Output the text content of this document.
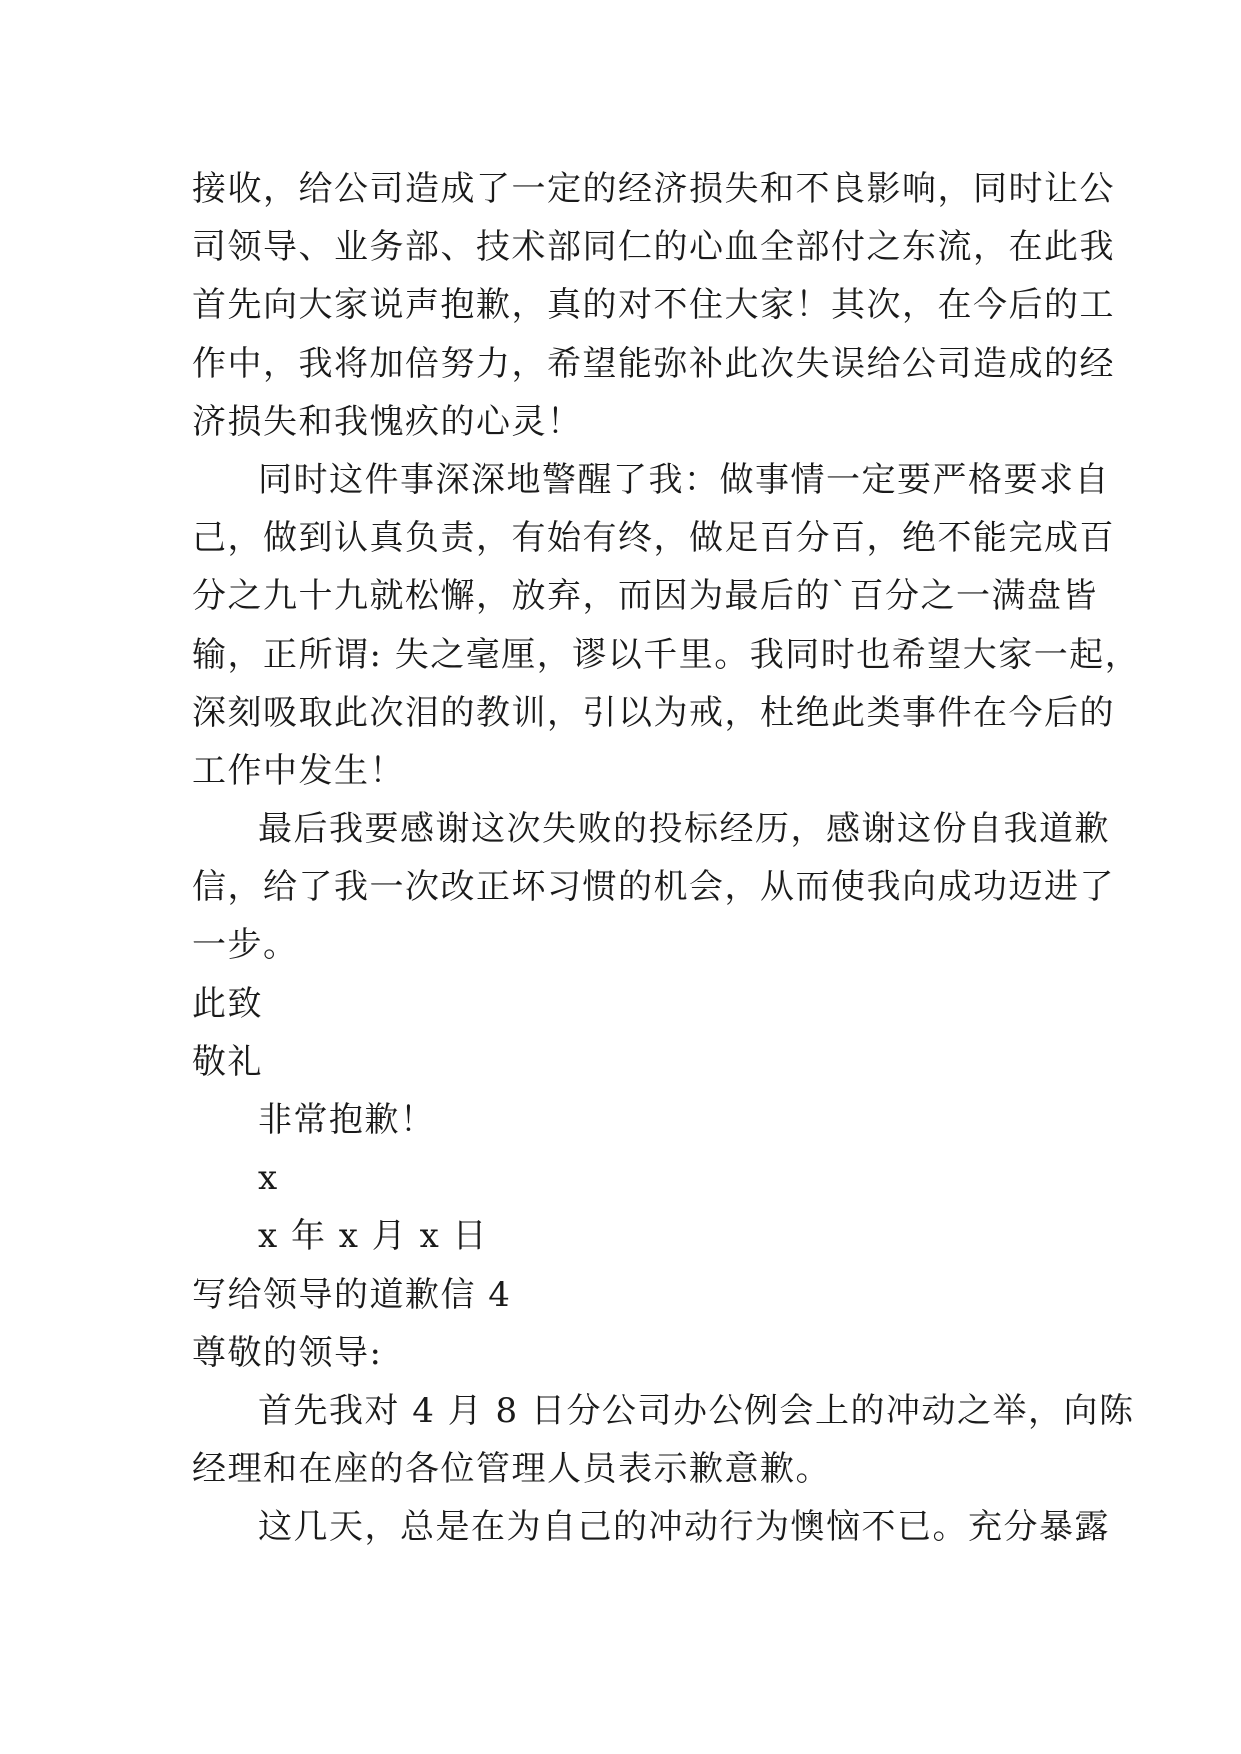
接收，给公司造成了一定的经济损失和不良影响，同时让公
司领导、业务部、技术部同仁的心血全部付之东流，在此我
首先向大家说声抱歉，真的对不住大家！其次，在今后的工
作中，我将加倍努力，希望能弥补此次失误给公司造成的经
济损失和我愧疚的心灵！
同时这件事深深地警醒了我：做事情一定要严格要求自
己，做到认真负责，有始有终，做足百分百，绝不能完成百
分之九十九就松懈，放弃，而因为最后的`百分之一满盘皆
输，正所谓: 失之毫厘，谬以千里。我同时也希望大家一起，
深刻吸取此次泪的教训，引以为戒，杜绝此类事件在今后的
工作中发生！
最后我要感谢这次失败的投标经历，感谢这份自我道歉
信，给了我一次改正坏习惯的机会，从而使我向成功迈进了
一步。
此致
敬礼
非常抱歉！
x
x 年 x 月 x 日
写给领导的道歉信 4
尊敬的领导:
首先我对 4 月 8 日分公司办公例会上的冲动之举，向陈
经理和在座的各位管理人员表示歉意歉。
这几天，总是在为自己的冲动行为懊恼不已。充分暴露
